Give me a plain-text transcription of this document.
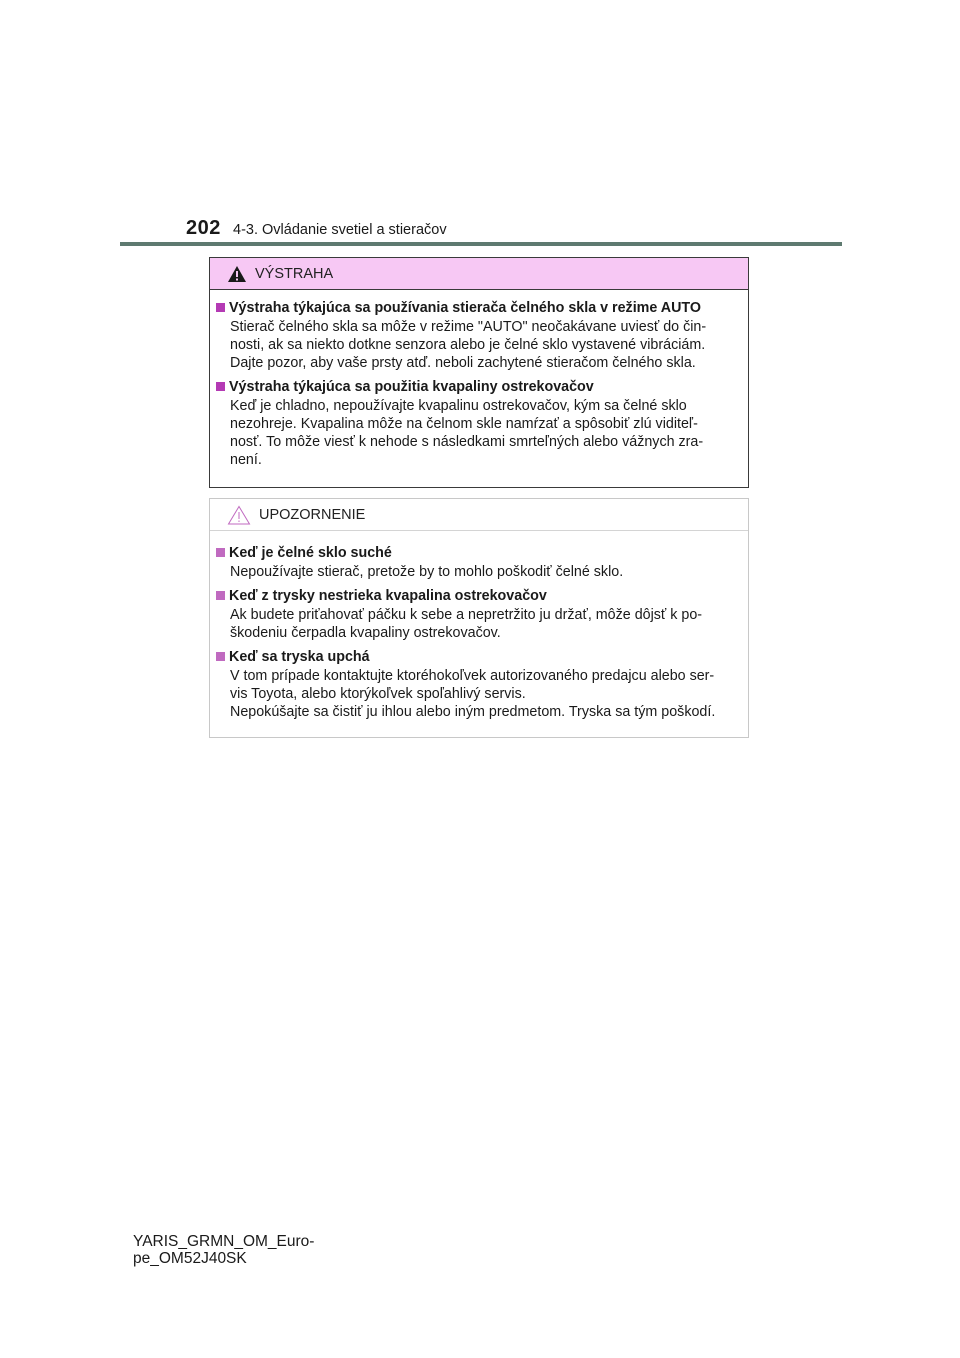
202 4-3. Ovládanie svetiel a stieračov
VÝSTRAHA
Výstraha týkajúca sa používania stierača čelného skla v režime AUTO
Stierač čelného skla sa môže v režime "AUTO" neočakávane uviesť do čin-
nosti, ak sa niekto dotkne senzora alebo je čelné sklo vystavené vibráciám.
Dajte pozor, aby vaše prsty atď. neboli zachytené stieračom čelného skla.
Výstraha týkajúca sa použitia kvapaliny ostrekovačov
Keď je chladno, nepoužívajte kvapalinu ostrekovačov, kým sa čelné sklo
nezohreje. Kvapalina môže na čelnom skle namŕzať a spôsobiť zlú viditeľ-
nosť. To môže viesť k nehode s následkami smrteľných alebo vážnych zra-
není.
UPOZORNENIE
Keď je čelné sklo suché
Nepoužívajte stierač, pretože by to mohlo poškodiť čelné sklo.
Keď z trysky nestrieka kvapalina ostrekovačov
Ak budete priťahovať páčku k sebe a nepretržito ju držať, môže dôjsť k po-
škodeniu čerpadla kvapaliny ostrekovačov.
Keď sa tryska upchá
V tom prípade kontaktujte ktoréhokoľvek autorizovaného predajcu alebo ser-
vis Toyota, alebo ktorýkoľvek spoľahlivý servis.
Nepokúšajte sa čistiť ju ihlou alebo iným predmetom. Tryska sa tým poškodí.
YARIS_GRMN_OM_Euro-
pe_OM52J40SK
